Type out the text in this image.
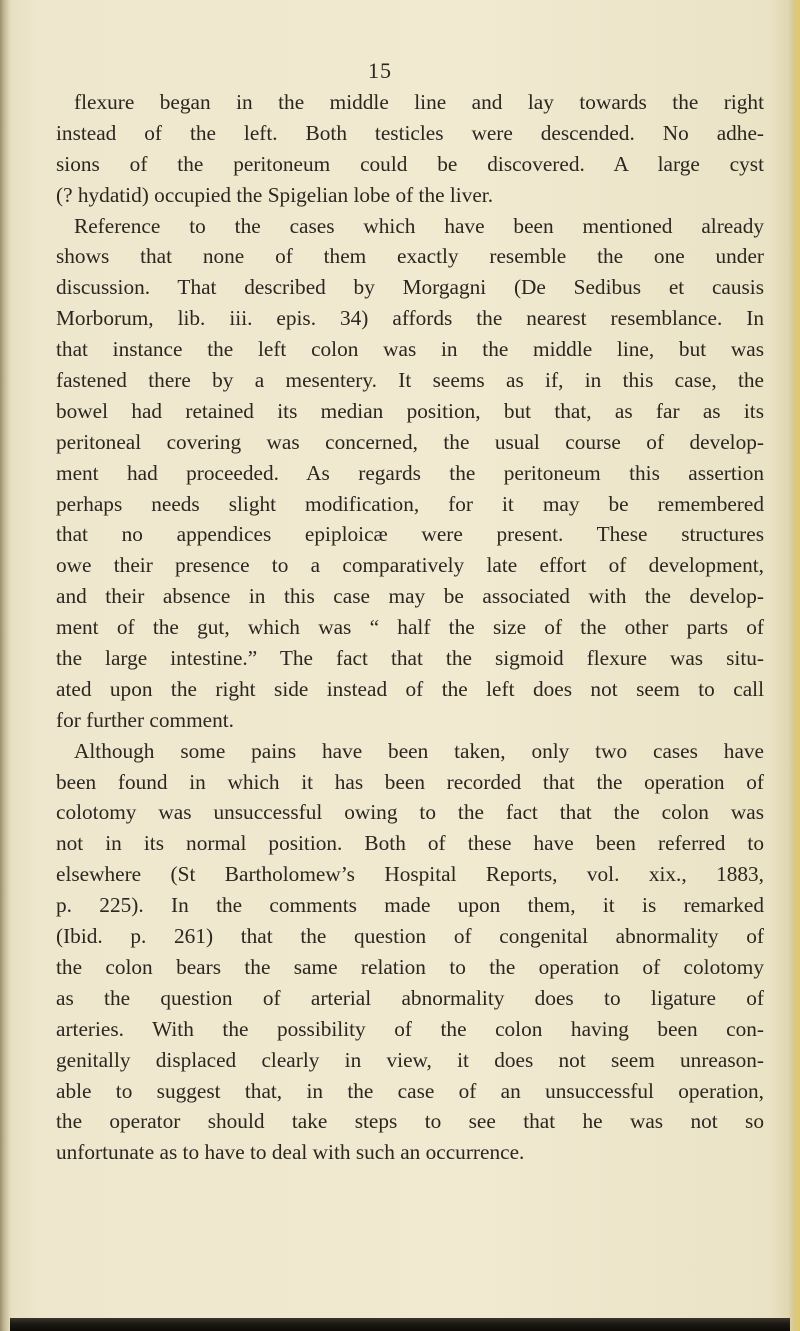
15
flexure began in the middle line and lay towards the right
instead of the left. Both testicles were descended. No adhe-
sions of the peritoneum could be discovered. A large cyst
(? hydatid) occupied the Spigelian lobe of the liver.
Reference to the cases which have been mentioned already
shows that none of them exactly resemble the one under
discussion. That described by Morgagni (De Sedibus et causis
Morborum, lib. iii. epis. 34) affords the nearest resemblance. In
that instance the left colon was in the middle line, but was
fastened there by a mesentery. It seems as if, in this case, the
bowel had retained its median position, but that, as far as its
peritoneal covering was concerned, the usual course of develop-
ment had proceeded. As regards the peritoneum this assertion
perhaps needs slight modification, for it may be remembered
that no appendices epiploicæ were present. These structures
owe their presence to a comparatively late effort of development,
and their absence in this case may be associated with the develop-
ment of the gut, which was “ half the size of the other parts of
the large intestine.” The fact that the sigmoid flexure was situ-
ated upon the right side instead of the left does not seem to call
for further comment.
Although some pains have been taken, only two cases have
been found in which it has been recorded that the operation of
colotomy was unsuccessful owing to the fact that the colon was
not in its normal position. Both of these have been referred to
elsewhere (St Bartholomew’s Hospital Reports, vol. xix., 1883,
p. 225). In the comments made upon them, it is remarked
(Ibid. p. 261) that the question of congenital abnormality of
the colon bears the same relation to the operation of colotomy
as the question of arterial abnormality does to ligature of
arteries. With the possibility of the colon having been con-
genitally displaced clearly in view, it does not seem unreason-
able to suggest that, in the case of an unsuccessful operation,
the operator should take steps to see that he was not so
unfortunate as to have to deal with such an occurrence.
